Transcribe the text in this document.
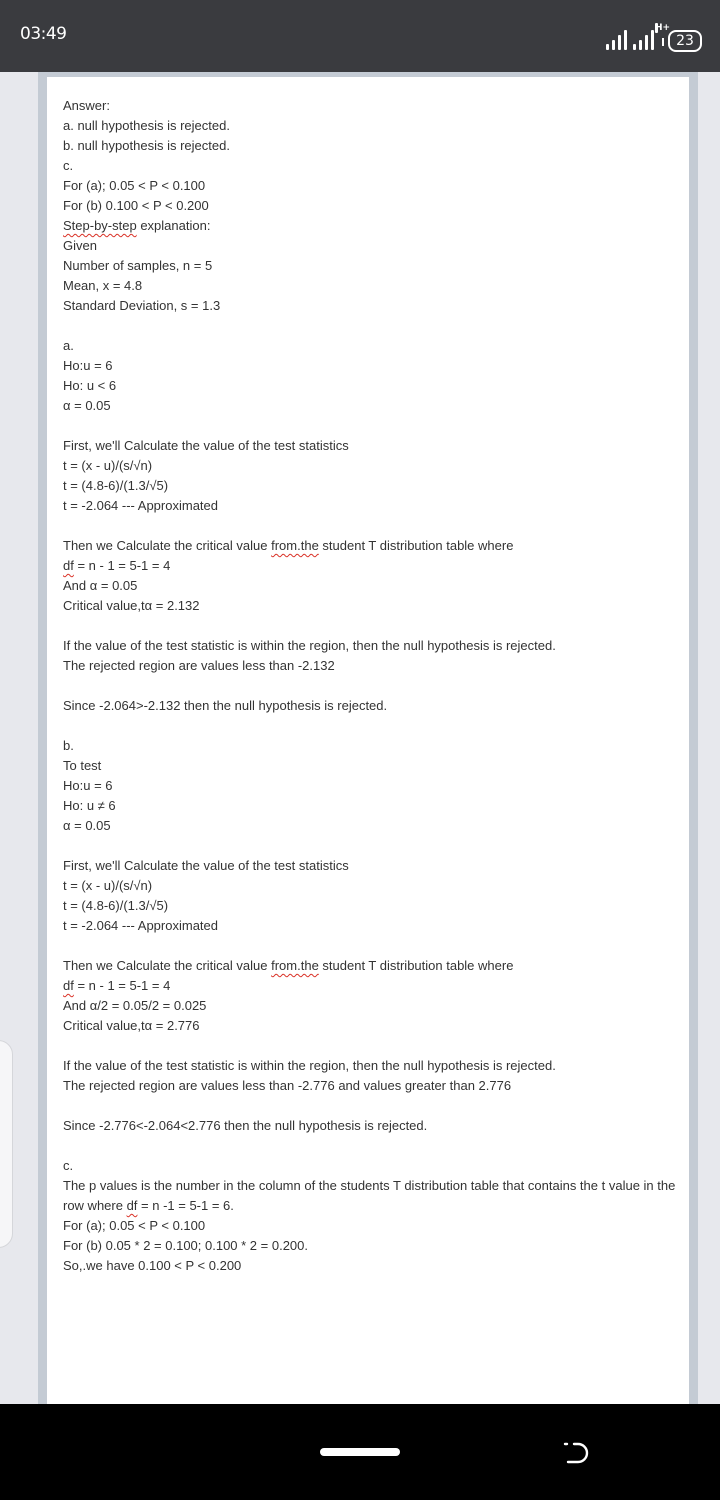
03:49	H+
23
Answer:
a. null hypothesis is rejected.
b. null hypothesis is rejected.
c.
For (a); 0.05 < P < 0.100
For (b) 0.100 < P < 0.200
Step-by-step explanation:
Given
Number of samples, n = 5
Mean, x = 4.8
Standard Deviation, s = 1.3
a.
Ho:u = 6
Ho: u < 6
α = 0.05
First, we'll Calculate the value of the test statistics
t = (x - u)/(s/√n)
t = (4.8-6)/(1.3/√5)
t = -2.064 --- Approximated
Then we Calculate the critical value from.the student T distribution table where
df = n - 1 = 5-1 = 4
And α = 0.05
Critical value,tα = 2.132
If the value of the test statistic is within the region, then the null hypothesis is rejected.
The rejected region are values less than -2.132
Since -2.064>-2.132 then the null hypothesis is rejected.
b.
To test
Ho:u = 6
Ho: u ≠ 6
α = 0.05
First, we'll Calculate the value of the test statistics
t = (x - u)/(s/√n)
t = (4.8-6)/(1.3/√5)
t = -2.064 --- Approximated
Then we Calculate the critical value from.the student T distribution table where
df = n - 1 = 5-1 = 4
And α/2 = 0.05/2 = 0.025
Critical value,tα = 2.776
If the value of the test statistic is within the region, then the null hypothesis is rejected.
The rejected region are values less than -2.776 and values greater than 2.776
Since -2.776<-2.064<2.776 then the null hypothesis is rejected.
c.
The p values is the number in the column of the students T distribution table that contains the t value in the row where df = n -1 = 5-1 = 6.
For (a); 0.05 < P < 0.100
For (b) 0.05 * 2 = 0.100; 0.100 * 2 = 0.200.
So,.we have 0.100 < P < 0.200
